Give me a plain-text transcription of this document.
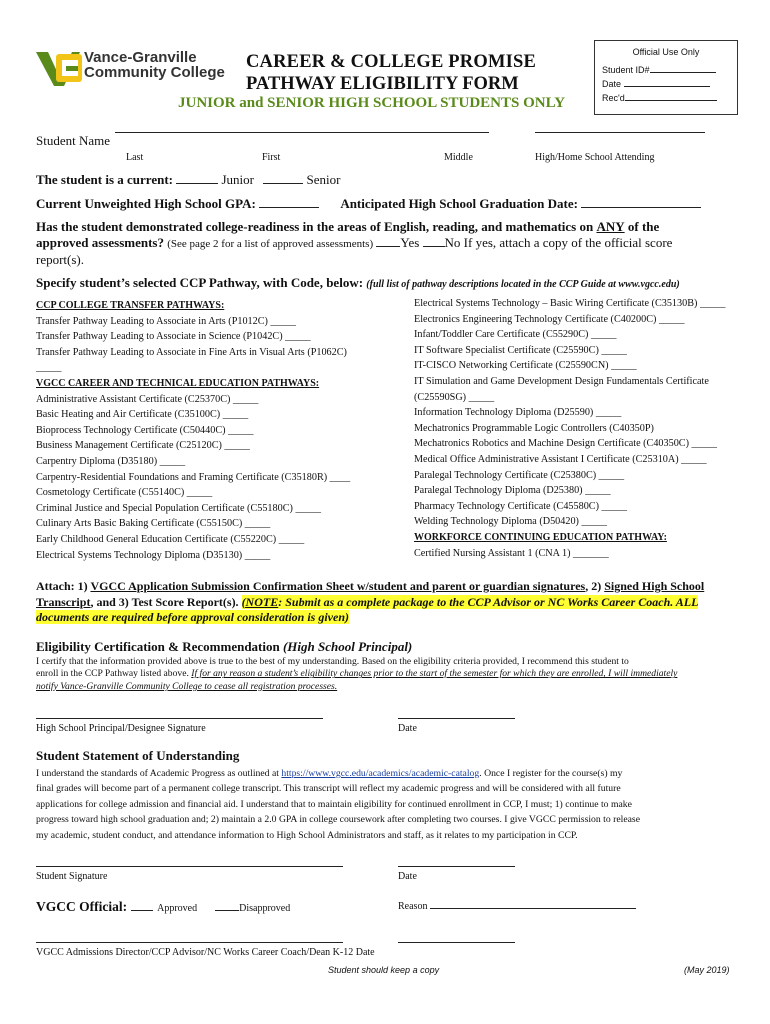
Vance-Granville
Community College
CAREER & COLLEGE PROMISE
PATHWAY ELIGIBILITY FORM
JUNIOR and SENIOR HIGH SCHOOL STUDENTS ONLY
Official Use Only
Student ID#
Date
Rec'd
Student Name
Last	First	Middle	High/Home School Attending
The student is a current:	Junior	Senior
Current Unweighted High School GPA:	Anticipated High School Graduation Date:
Has the student demonstrated college-readiness in the areas of English, reading, and mathematics on ANY of the
approved assessments? (See page 2 for a list of approved assessments) Yes No If yes, attach a copy of the official score
report(s).
Specify student’s selected CCP Pathway, with Code, below: (full list of pathway descriptions located in the CCP Guide at www.vgcc.edu)
CCP COLLEGE TRANSFER PATHWAYS:
Transfer Pathway Leading to Associate in Arts (P1012C) _____
Transfer Pathway Leading to Associate in Science (P1042C) _____
Transfer Pathway Leading to Associate in Fine Arts in Visual Arts (P1062C)
_____
VGCC CAREER AND TECHNICAL EDUCATION PATHWAYS:
Administrative Assistant Certificate (C25370C) _____
Basic Heating and Air Certificate (C35100C) _____
Bioprocess Technology Certificate (C50440C) _____
Business Management Certificate (C25120C) _____
Carpentry Diploma (D35180) _____
Carpentry-Residential Foundations and Framing Certificate (C35180R) ____
Cosmetology Certificate (C55140C) _____
Criminal Justice and Special Population Certificate (C55180C) _____
Culinary Arts Basic Baking Certificate (C55150C) _____
Early Childhood General Education Certificate (C55220C) _____
Electrical Systems Technology Diploma (D35130) _____
Electrical Systems Technology – Basic Wiring Certificate (C35130B) _____
Electronics Engineering Technology Certificate (C40200C) _____
Infant/Toddler Care Certificate (C55290C) _____
IT Software Specialist Certificate (C25590C) _____
IT-CISCO Networking Certificate (C25590CN) _____
IT Simulation and Game Development Design Fundamentals Certificate
(C25590SG) _____
Information Technology Diploma (D25590) _____
Mechatronics Programmable Logic Controllers (C40350P)
Mechatronics Robotics and Machine Design Certificate (C40350C) _____
Medical Office Administrative Assistant I Certificate (C25310A) _____
Paralegal Technology Certificate (C25380C) _____
Paralegal Technology Diploma (D25380) _____
Pharmacy Technology Certificate (C45580C) _____
Welding Technology Diploma (D50420) _____
WORKFORCE CONTINUING EDUCATION PATHWAY:
Certified Nursing Assistant 1 (CNA 1) _______
Attach: 1) VGCC Application Submission Confirmation Sheet w/student and parent or guardian signatures, 2) Signed High School
Transcript, and 3) Test Score Report(s). (NOTE: Submit as a complete package to the CCP Advisor or NC Works Career Coach. ALL
documents are required before approval consideration is given)
Eligibility Certification & Recommendation (High School Principal)
I certify that the information provided above is true to the best of my understanding. Based on the eligibility criteria provided, I recommend this student to
enroll in the CCP Pathway listed above. If for any reason a student’s eligibility changes prior to the start of the semester for which they are enrolled, I will immediately
notify Vance-Granville Community College to cease all registration processes.
High School Principal/Designee Signature	Date
Student Statement of Understanding
I understand the standards of Academic Progress as outlined at https://www.vgcc.edu/academics/academic-catalog. Once I register for the course(s) my
final grades will become part of a permanent college transcript. This transcript will reflect my academic progress and will be considered with all future
applications for college admission and financial aid. I understand that to maintain eligibility for continued enrollment in CCP, I must; 1) continue to make
progress toward high school graduation and; 2) maintain a 2.0 GPA in college coursework after completing two courses. I give VGCC permission to release
my academic, student conduct, and attendance information to High School Administrators and staff, as it relates to my participation in CCP.
Student Signature	Date
VGCC Official:	Approved	Disapproved	Reason
VGCC Admissions Director/CCP Advisor/NC Works Career Coach/Dean K-12 Date
Student should keep a copy	(May 2019)
